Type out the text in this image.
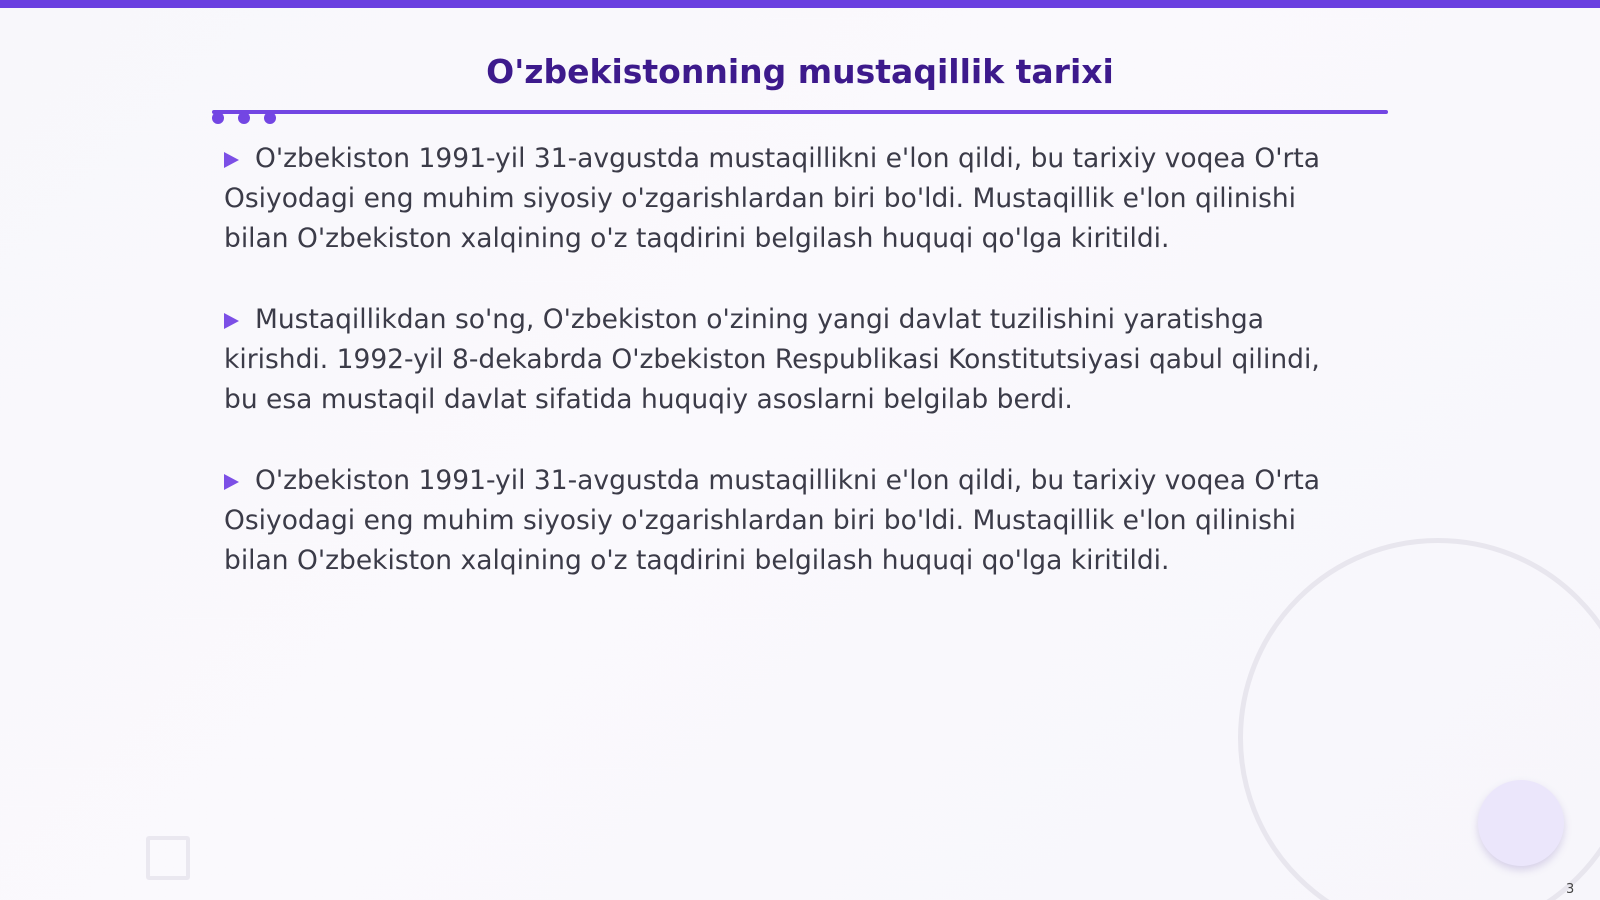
O'zbekistonning mustaqillik tarixi

O'zbekiston 1991-yil 31-avgustda mustaqillikni e'lon qildi, bu tarixiy voqea O'rta Osiyodagi eng muhim siyosiy o'zgarishlardan biri bo'ldi. Mustaqillik e'lon qilinishi bilan O'zbekiston xalqining o'z taqdirini belgilash huquqi qo'lga kiritildi.

Mustaqillikdan so'ng, O'zbekiston o'zining yangi davlat tuzilishini yaratishga kirishdi. 1992-yil 8-dekabrda O'zbekiston Respublikasi Konstitutsiyasi qabul qilindi, bu esa mustaqil davlat sifatida huquqiy asoslarni belgilab berdi.

O'zbekiston 1991-yil 31-avgustda mustaqillikni e'lon qildi, bu tarixiy voqea O'rta Osiyodagi eng muhim siyosiy o'zgarishlardan biri bo'ldi. Mustaqillik e'lon qilinishi bilan O'zbekiston xalqining o'z taqdirini belgilash huquqi qo'lga kiritildi.

3
